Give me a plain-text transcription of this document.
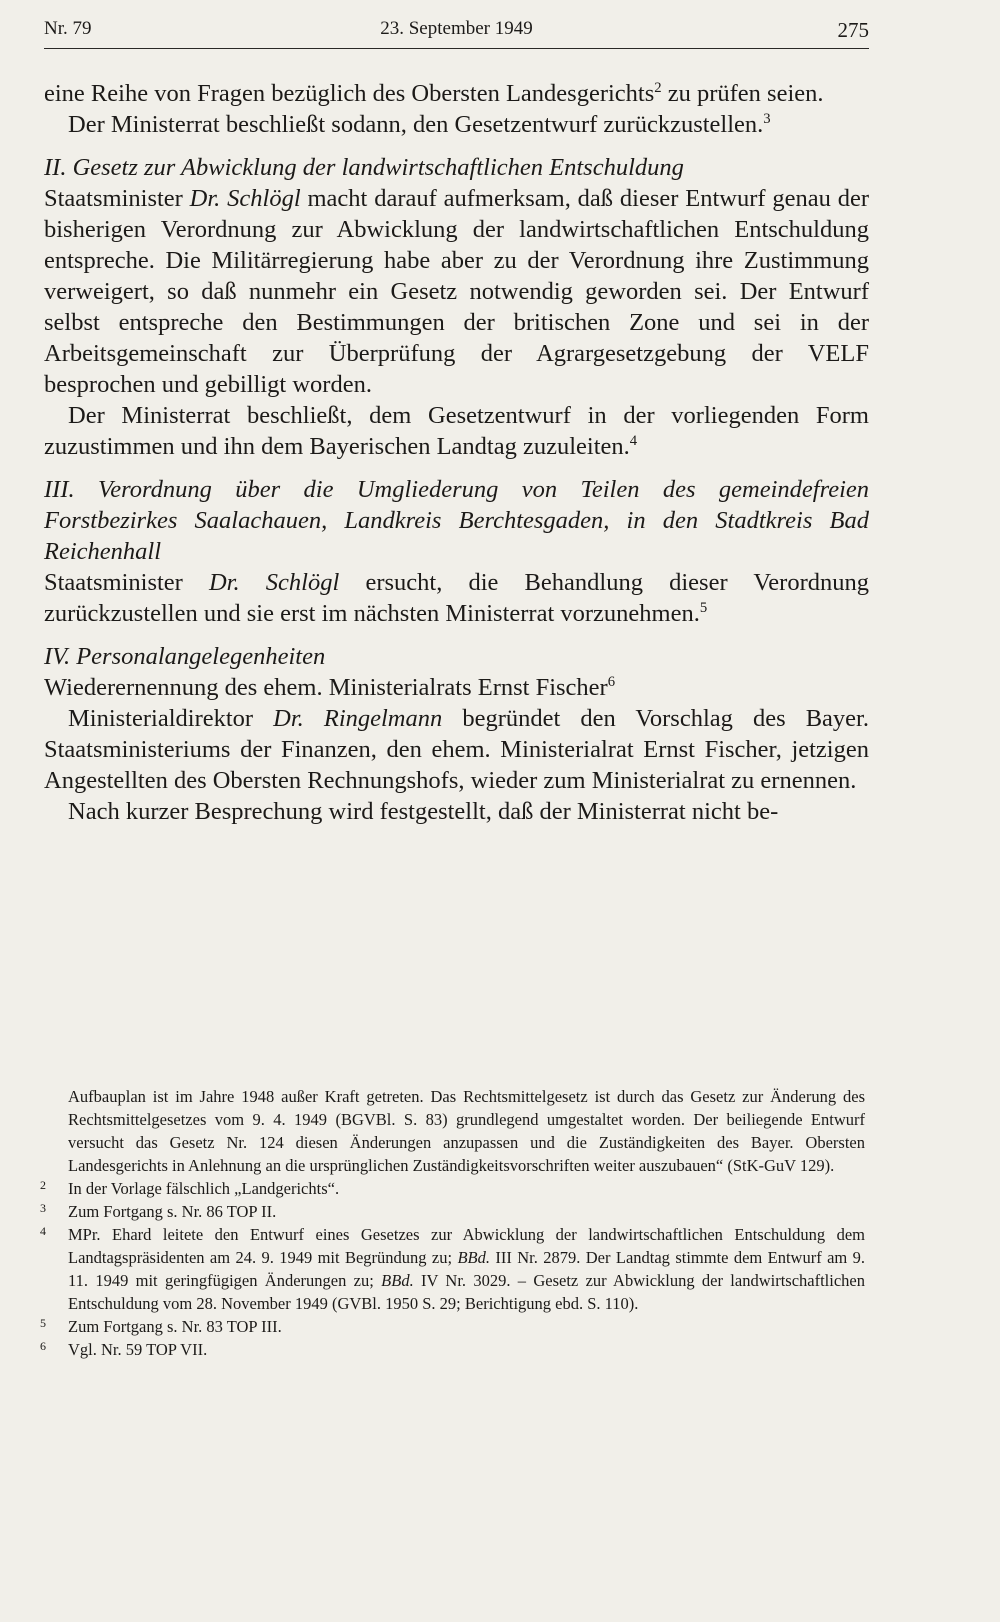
Nr. 79	23. September 1949	275

eine Reihe von Fragen bezüglich des Obersten Landesgerichts$^2$ zu prüfen seien.

Der Ministerrat beschließt sodann, den Gesetzentwurf zurückzustellen.$^3$

II. Gesetz zur Abwicklung der landwirtschaftlichen Entschuldung

Staatsminister Dr. Schlögl macht darauf aufmerksam, daß dieser Entwurf genau der bisherigen Verordnung zur Abwicklung der landwirtschaftlichen Entschuldung entspreche. Die Militärregierung habe aber zu der Verordnung ihre Zustimmung verweigert, so daß nunmehr ein Gesetz notwendig geworden sei. Der Entwurf selbst entspreche den Bestimmungen der britischen Zone und sei in der Arbeitsgemeinschaft zur Überprüfung der Agrargesetzgebung der VELF besprochen und gebilligt worden.

Der Ministerrat beschließt, dem Gesetzentwurf in der vorliegenden Form zuzustimmen und ihn dem Bayerischen Landtag zuzuleiten.$^4$

III. Verordnung über die Umgliederung von Teilen des gemeindefreien Forstbezirkes Saalachauen, Landkreis Berchtesgaden, in den Stadtkreis Bad Reichenhall

Staatsminister Dr. Schlögl ersucht, die Behandlung dieser Verordnung zurückzustellen und sie erst im nächsten Ministerrat vorzunehmen.$^5$

IV. Personalangelegenheiten

Wiederernennung des ehem. Ministerialrats Ernst Fischer$^6$

Ministerialdirektor Dr. Ringelmann begründet den Vorschlag des Bayer. Staatsministeriums der Finanzen, den ehem. Ministerialrat Ernst Fischer, jetzigen Angestellten des Obersten Rechnungshofs, wieder zum Ministerialrat zu ernennen.

Nach kurzer Besprechung wird festgestellt, daß der Ministerrat nicht be-

Aufbauplan ist im Jahre 1948 außer Kraft getreten. Das Rechtsmittelgesetz ist durch das Gesetz zur Änderung des Rechtsmittelgesetzes vom 9. 4. 1949 (BGVBl. S. 83) grundlegend umgestaltet worden. Der beiliegende Entwurf versucht das Gesetz Nr. 124 diesen Änderungen anzupassen und die Zuständigkeiten des Bayer. Obersten Landesgerichts in Anlehnung an die ursprünglichen Zuständigkeitsvorschriften weiter auszubauen“ (StK-GuV 129).

2 In der Vorlage fälschlich „Landgerichts“.

3 Zum Fortgang s. Nr. 86 TOP II.

4 MPr. Ehard leitete den Entwurf eines Gesetzes zur Abwicklung der landwirtschaftlichen Entschuldung dem Landtagspräsidenten am 24. 9. 1949 mit Begründung zu; BBd. III Nr. 2879. Der Landtag stimmte dem Entwurf am 9. 11. 1949 mit geringfügigen Änderungen zu; BBd. IV Nr. 3029. – Gesetz zur Abwicklung der landwirtschaftlichen Entschuldung vom 28. November 1949 (GVBl. 1950 S. 29; Berichtigung ebd. S. 110).

5 Zum Fortgang s. Nr. 83 TOP III.

6 Vgl. Nr. 59 TOP VII.
